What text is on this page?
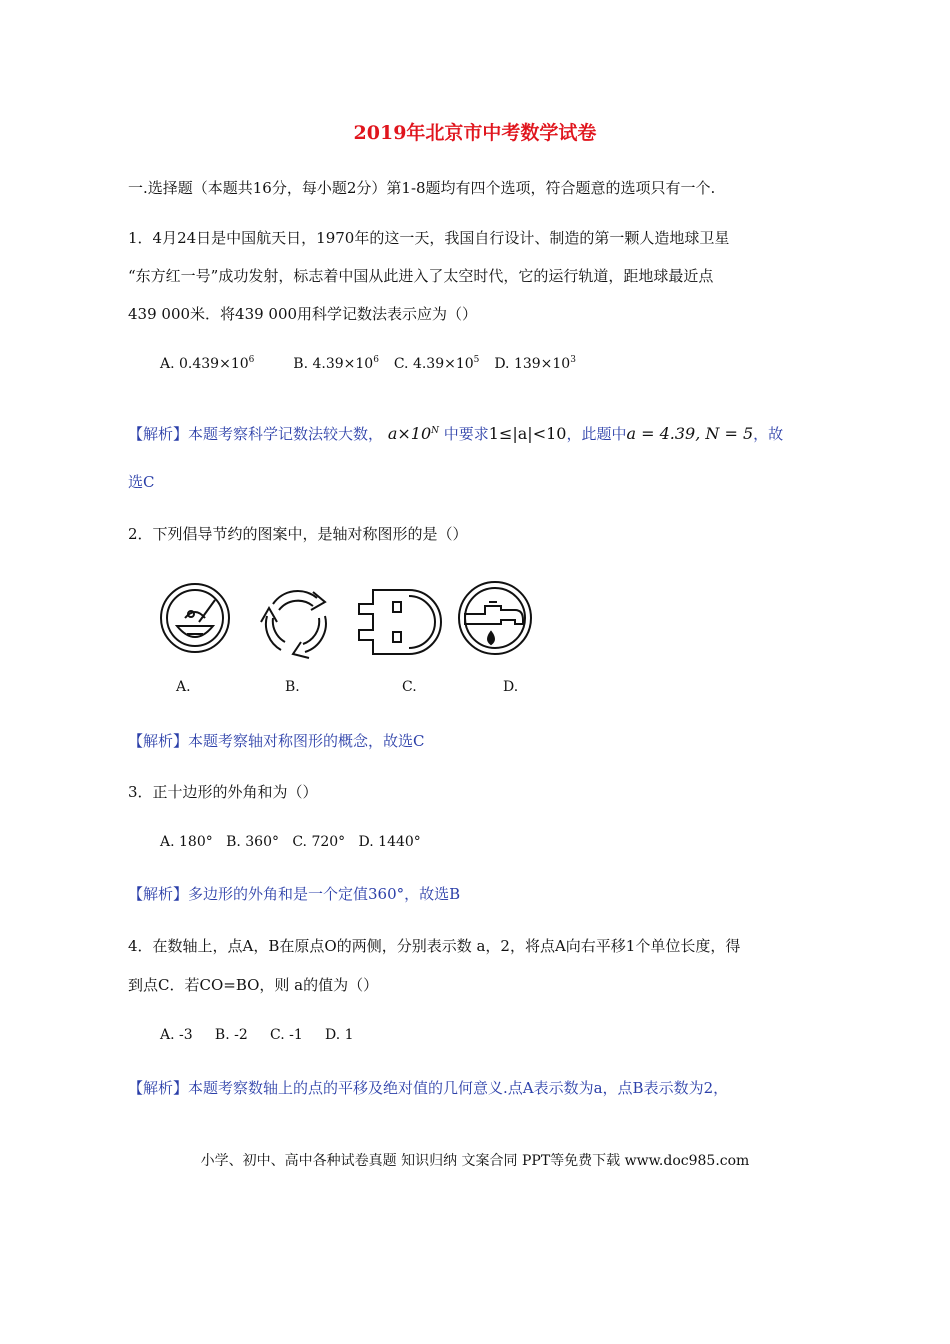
2019年北京市中考数学试卷
一.选择题（本题共16分，每小题2分）第1-8题均有四个选项，符合题意的选项只有一个.
1．4月24日是中国航天日，1970年的这一天，我国自行设计、制造的第一颗人造地球卫星
“东方红一号”成功发射，标志着中国从此进入了太空时代，它的运行轨道，距地球最近点
439 000米．将439 000用科学记数法表示应为（）
A. $0.439\times 10^6$	B. $4.39\times 10^6$ C. $4.39\times 10^5$ D. $139\times 10^3$
【解析】本题考察科学记数法较大数， $a\times 10^N$ 中要求1≤|a|<10，此题中a = 4.39, N = 5，故
选C
2．下列倡导节约的图案中，是轴对称图形的是（）
A.	B.	C.	D.
【解析】本题考察轴对称图形的概念，故选C
3．正十边形的外角和为（）
A. 180°   B. 360°   C. 720°   D. 1440°
【解析】多边形的外角和是一个定值360°，故选B
4．在数轴上，点A，B在原点O的两侧，分别表示数 a，2，将点A向右平移1个单位长度，得
到点C．若CO=BO，则 a的值为（）
A. -3     B. -2     C. -1     D. 1
【解析】本题考察数轴上的点的平移及绝对值的几何意义.点A表示数为a，点B表示数为2，
小学、初中、高中各种试卷真题 知识归纳 文案合同 PPT等免费下载 www.doc985.com
